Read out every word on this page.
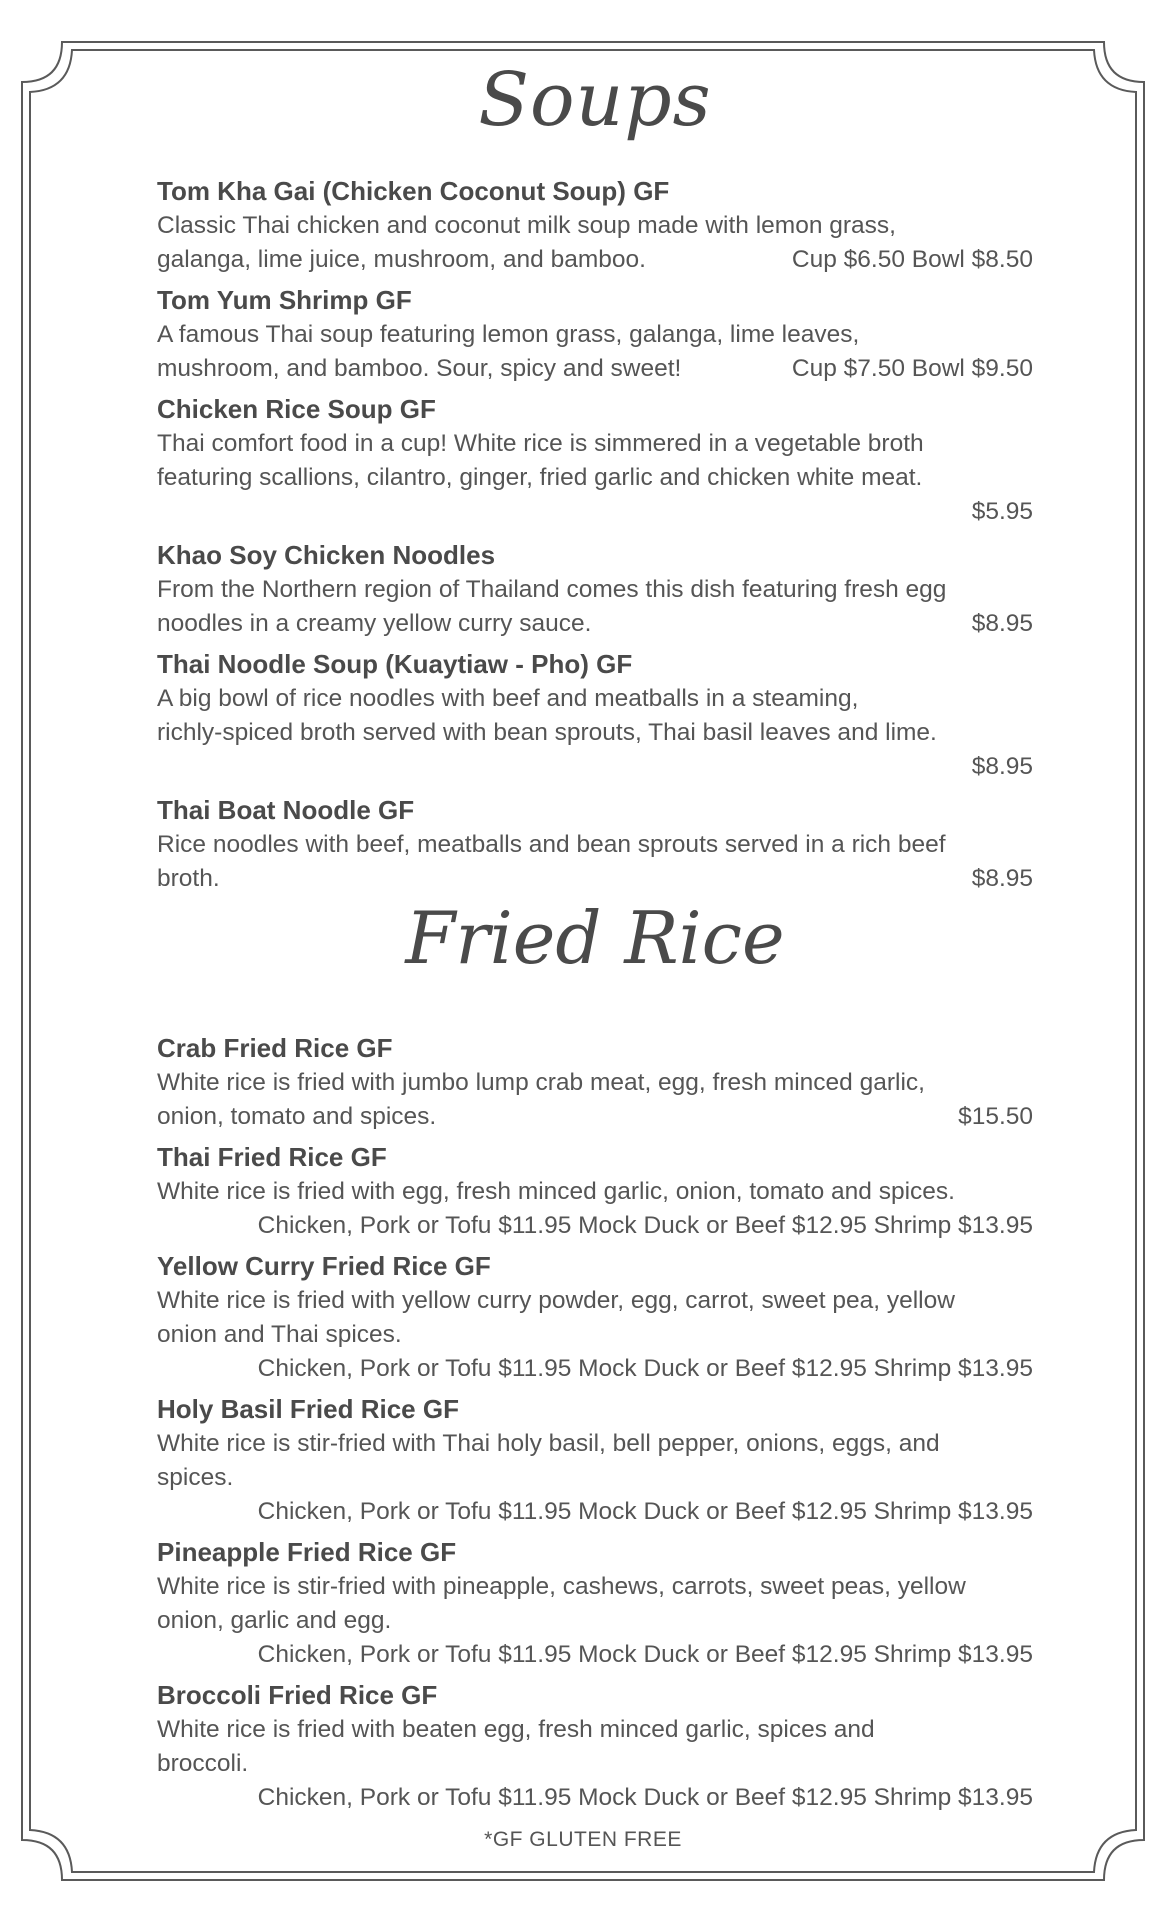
Soups
Tom Kha Gai (Chicken Coconut Soup) GF
Classic Thai chicken and coconut milk soup made with lemon grass,
galanga, lime juice, mushroom, and bamboo.	Cup $6.50 Bowl $8.50
Tom Yum Shrimp GF
A famous Thai soup featuring lemon grass, galanga, lime leaves,
mushroom, and bamboo. Sour, spicy and sweet!	Cup $7.50 Bowl $9.50
Chicken Rice Soup GF
Thai comfort food in a cup! White rice is simmered in a vegetable broth
featuring scallions, cilantro, ginger, fried garlic and chicken white meat.
$5.95
Khao Soy Chicken Noodles
From the Northern region of Thailand comes this dish featuring fresh egg
noodles in a creamy yellow curry sauce.	$8.95
Thai Noodle Soup (Kuaytiaw - Pho) GF
A big bowl of rice noodles with beef and meatballs in a steaming,
richly-spiced broth served with bean sprouts, Thai basil leaves and lime.
$8.95
Thai Boat Noodle GF
Rice noodles with beef, meatballs and bean sprouts served in a rich beef
broth.	$8.95
Fried Rice
Crab Fried Rice GF
White rice is fried with jumbo lump crab meat, egg, fresh minced garlic,
onion, tomato and spices.	$15.50
Thai Fried Rice GF
White rice is fried with egg, fresh minced garlic, onion, tomato and spices.
Chicken, Pork or Tofu $11.95 Mock Duck or Beef $12.95 Shrimp $13.95
Yellow Curry Fried Rice GF
White rice is fried with yellow curry powder, egg, carrot, sweet pea, yellow
onion and Thai spices.
Chicken, Pork or Tofu $11.95 Mock Duck or Beef $12.95 Shrimp $13.95
Holy Basil Fried Rice GF
White rice is stir-fried with Thai holy basil, bell pepper, onions, eggs, and
spices.
Chicken, Pork or Tofu $11.95 Mock Duck or Beef $12.95 Shrimp $13.95
Pineapple Fried Rice GF
White rice is stir-fried with pineapple, cashews, carrots, sweet peas, yellow
onion, garlic and egg.
Chicken, Pork or Tofu $11.95 Mock Duck or Beef $12.95 Shrimp $13.95
Broccoli Fried Rice GF
White rice is fried with beaten egg, fresh minced garlic, spices and
broccoli.
Chicken, Pork or Tofu $11.95 Mock Duck or Beef $12.95 Shrimp $13.95
*GF GLUTEN FREE
